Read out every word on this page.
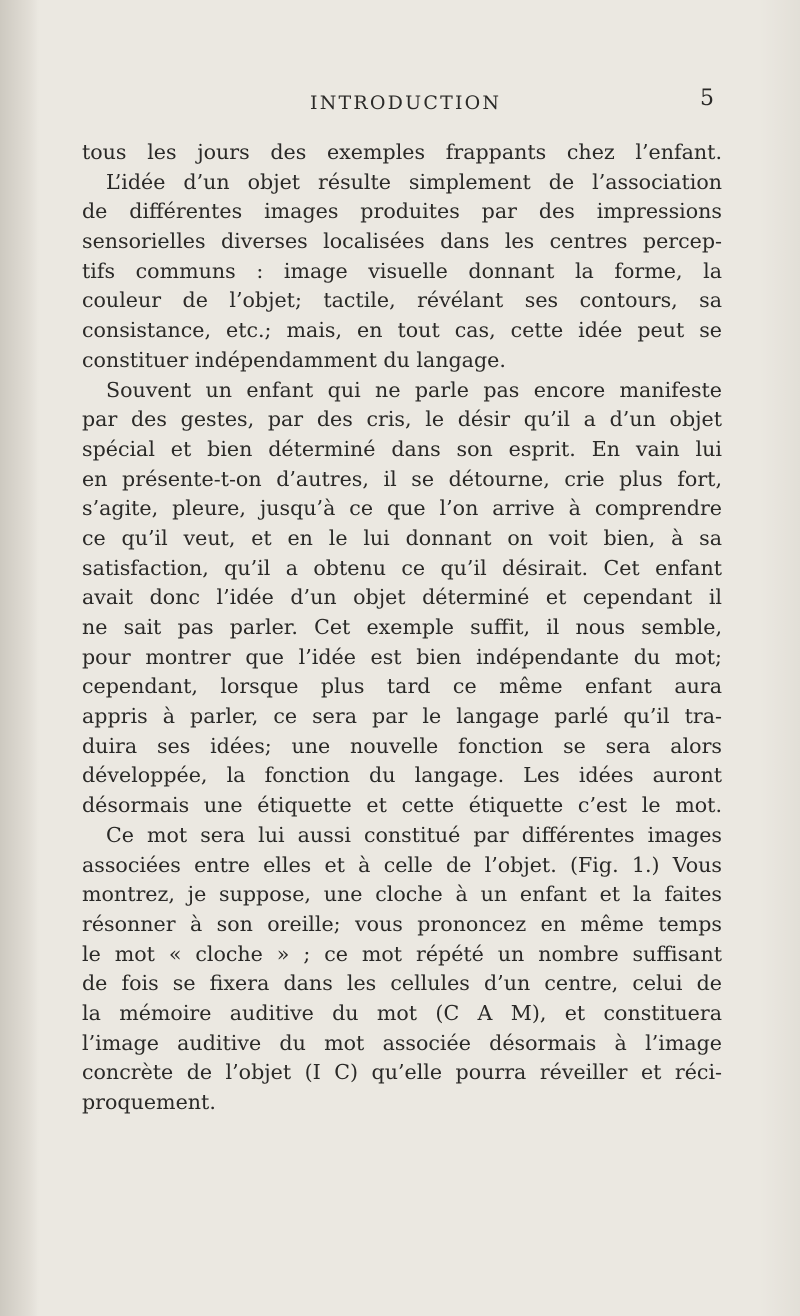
INTRODUCTION	5
tous les jours des exemples frappants chez l’enfant.
L’idée d’un objet résulte simplement de l’association
de différentes images produites par des impressions
sensorielles diverses localisées dans les centres percep-
tifs communs : image visuelle donnant la forme, la
couleur de l’objet; tactile, révélant ses contours, sa
consistance, etc.; mais, en tout cas, cette idée peut se
constituer indépendamment du langage.
Souvent un enfant qui ne parle pas encore manifeste
par des gestes, par des cris, le désir qu’il a d’un objet
spécial et bien déterminé dans son esprit. En vain lui
en présente-t-on d’autres, il se détourne, crie plus fort,
s’agite, pleure, jusqu’à ce que l’on arrive à comprendre
ce qu’il veut, et en le lui donnant on voit bien, à sa
satisfaction, qu’il a obtenu ce qu’il désirait. Cet enfant
avait donc l’idée d’un objet déterminé et cependant il
ne sait pas parler. Cet exemple suffit, il nous semble,
pour montrer que l’idée est bien indépendante du mot;
cependant, lorsque plus tard ce même enfant aura
appris à parler, ce sera par le langage parlé qu’il tra-
duira ses idées; une nouvelle fonction se sera alors
développée, la fonction du langage. Les idées auront
désormais une étiquette et cette étiquette c’est le mot.
Ce mot sera lui aussi constitué par différentes images
associées entre elles et à celle de l’objet. (Fig. 1.) Vous
montrez, je suppose, une cloche à un enfant et la faites
résonner à son oreille; vous prononcez en même temps
le mot « cloche » ; ce mot répété un nombre suffisant
de fois se fixera dans les cellules d’un centre, celui de
la mémoire auditive du mot (C A M), et constituera
l’image auditive du mot associée désormais à l’image
concrète de l’objet (I C) qu’elle pourra réveiller et réci-
proquement.
